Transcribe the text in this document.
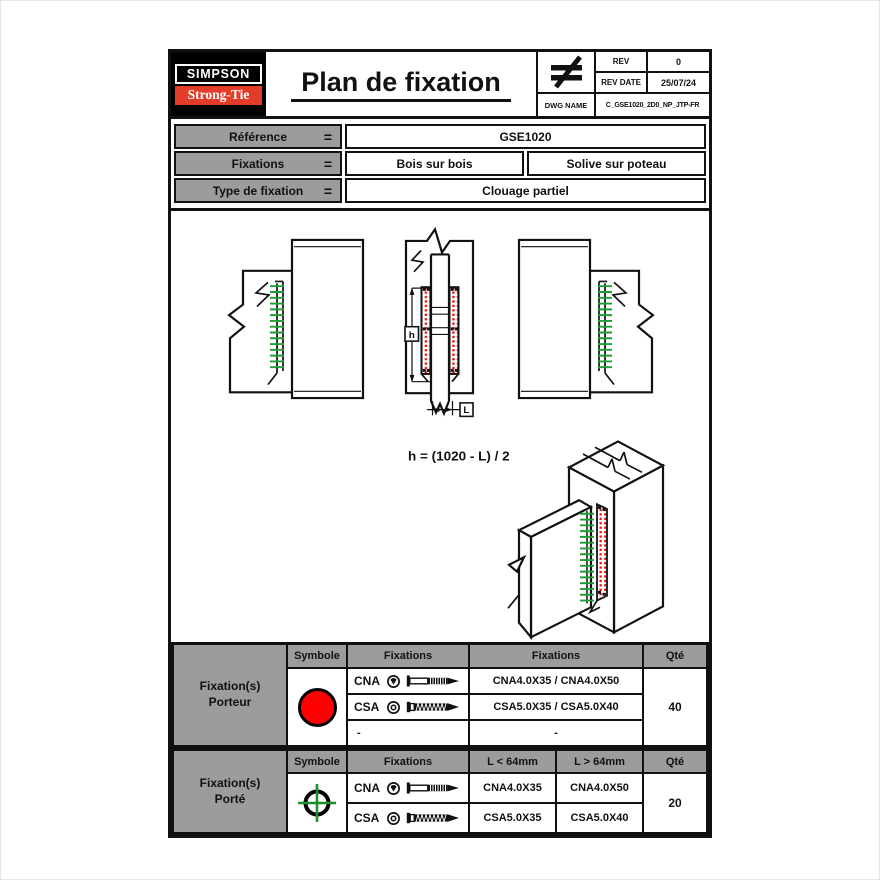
SIMPSON
Strong-Tie	Plan de fixation
REV	0
REV DATE	25/07/24
DWG NAME	C_GSE1020_2D0_NP_JTP-FR
Référence	=	GSE1020
Fixations	=	Bois sur bois	Solive sur poteau
Type de fixation =	Clouage partiel
h
L
h = (1020 - L) / 2
Fixation(s)
Porteur
Symbole	Fixations	Fixations	Qté
CNA	CNA4.0X35 / CNA4.0X50
CSA	CSA5.0X35 / CSA5.0X40
-	-
40
Fixation(s)
Porté
Symbole	Fixations	L < 64mm	L > 64mm	Qté
CNA	CNA4.0X35	CNA4.0X50
CSA	CSA5.0X35	CSA5.0X40
20
